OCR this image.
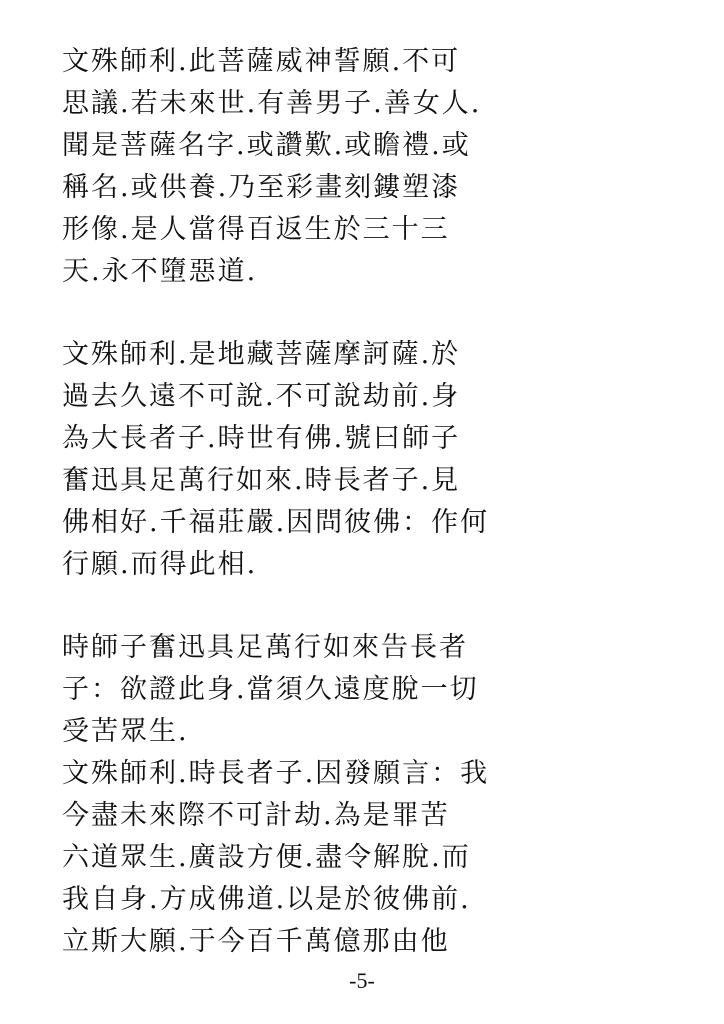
文殊師利.此菩薩威神誓願.不可
思議.若未來世.有善男子.善女人.
聞是菩薩名字.或讚歎.或瞻禮.或
稱名.或供養.乃至彩畫刻鏤塑漆
形像.是人當得百返生於三十三
天.永不墮惡道.
文殊師利.是地藏菩薩摩訶薩.於
過去久遠不可說.不可說劫前.身
為大長者子.時世有佛.號曰師子
奮迅具足萬行如來.時長者子.見
佛相好.千福莊嚴.因問彼佛：作何
行願.而得此相.
時師子奮迅具足萬行如來告長者
子：欲證此身.當須久遠度脫一切
受苦眾生.
文殊師利.時長者子.因發願言：我
今盡未來際不可計劫.為是罪苦
六道眾生.廣設方便.盡令解脫.而
我自身.方成佛道.以是於彼佛前.
立斯大願.于今百千萬億那由他
-5-
